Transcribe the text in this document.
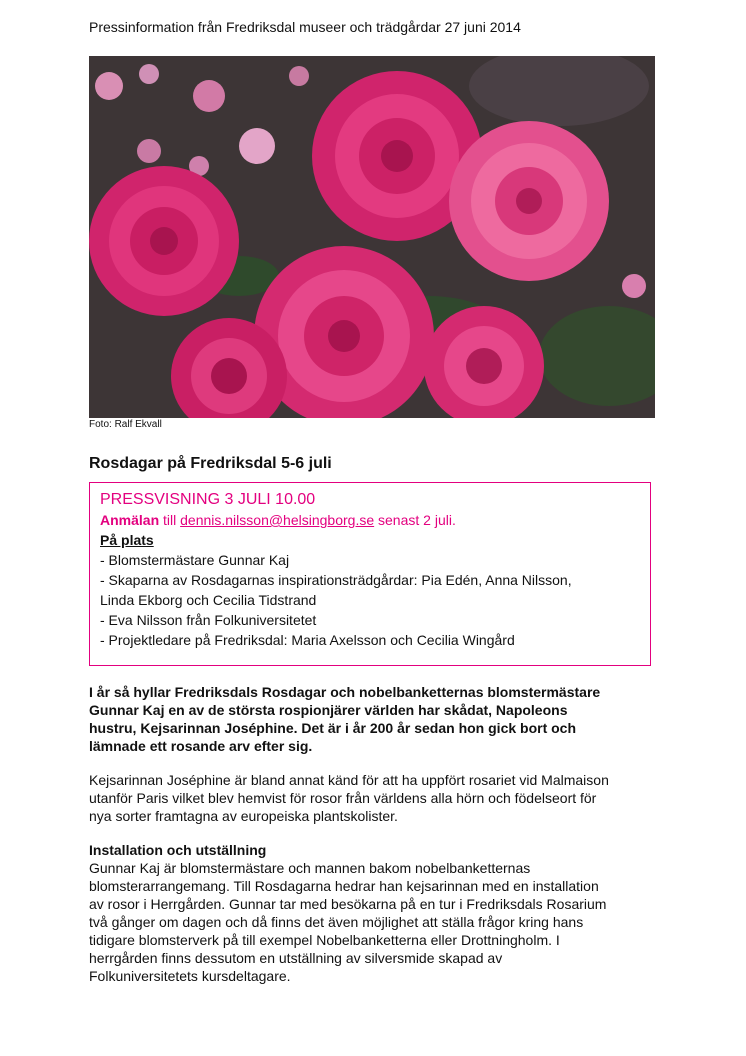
Pressinformation från Fredriksdal museer och trädgårdar 27 juni 2014
Foto: Ralf Ekvall
Rosdagar på Fredriksdal 5-6 juli
PRESSVISNING 3 JULI 10.00
Anmälan till dennis.nilsson@helsingborg.se senast 2 juli.
På plats
- Blomstermästare Gunnar Kaj
- Skaparna av Rosdagarnas inspirationsträdgårdar: Pia Edén, Anna Nilsson,
Linda Ekborg och Cecilia Tidstrand
- Eva Nilsson från Folkuniversitetet
- Projektledare på Fredriksdal: Maria Axelsson och Cecilia Wingård
I år så hyllar Fredriksdals Rosdagar och nobelbanketternas blomstermästare
Gunnar Kaj en av de största rospionjärer världen har skådat, Napoleons
hustru, Kejsarinnan Joséphine. Det är i år 200 år sedan hon gick bort och
lämnade ett rosande arv efter sig.
Kejsarinnan Joséphine är bland annat känd för att ha uppfört rosariet vid Malmaison
utanför Paris vilket blev hemvist för rosor från världens alla hörn och födelseort för
nya sorter framtagna av europeiska plantskolister.
Installation och utställning
Gunnar Kaj är blomstermästare och mannen bakom nobelbanketternas
blomsterarrangemang. Till Rosdagarna hedrar han kejsarinnan med en installation
av rosor i Herrgården. Gunnar tar med besökarna på en tur i Fredriksdals Rosarium
två gånger om dagen och då finns det även möjlighet att ställa frågor kring hans
tidigare blomsterverk på till exempel Nobelbanketterna eller Drottningholm. I
herrgården finns dessutom en utställning av silversmide skapad av
Folkuniversitetets kursdeltagare.
